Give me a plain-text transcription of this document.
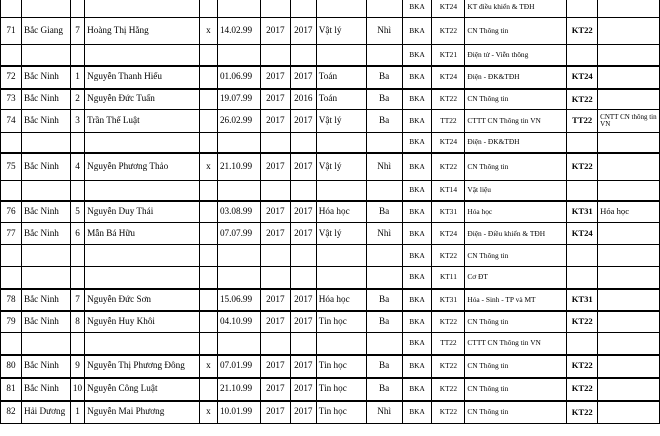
										BKA	KT24	KT điều khiển & TĐH		
71	Bắc Giang	7	Hoàng Thị Hằng	x	14.02.99	2017	2017	Vật lý	Nhì	BKA	KT22	CN Thông tin	KT22	
										BKA	KT21	Điện tử - Viễn thông		
72	Bắc Ninh	1	Nguyễn Thanh Hiếu		01.06.99	2017	2017	Toán	Ba	BKA	KT24	Điện - ĐK&TĐH	KT24	
73	Bắc Ninh	2	Nguyễn Đức Tuấn		19.07.99	2017	2016	Toán	Ba	BKA	KT22	CN Thông tin	KT22	
74	Bắc Ninh	3	Trần Thế Luật		26.02.99	2017	2017	Vật lý	Ba	BKA	TT22	CTTT CN Thông tin VN	TT22	CNTT CN thông tin VN
										BKA	KT24	Điện - ĐK&TĐH		
75	Bắc Ninh	4	Nguyễn Phương Thảo	x	21.10.99	2017	2017	Vật lý	Nhì	BKA	KT22	CN Thông tin	KT22	
										BKA	KT14	Vật liệu		
76	Bắc Ninh	5	Nguyễn Duy Thái		03.08.99	2017	2017	Hóa học	Ba	BKA	KT31	Hóa học	KT31	Hóa học
77	Bắc Ninh	6	Mẫn Bá Hữu		07.07.99	2017	2017	Vật lý	Nhì	BKA	KT24	Điện - Điều khiển & TĐH	KT24	
										BKA	KT22	CN Thông tin		
										BKA	KT11	Cơ ĐT		
78	Bắc Ninh	7	Nguyễn Đức Sơn		15.06.99	2017	2017	Hóa học	Ba	BKA	KT31	Hóa - Sinh - TP và MT	KT31	
79	Bắc Ninh	8	Nguyễn Huy Khôi		04.10.99	2017	2017	Tin học	Ba	BKA	KT22	CN Thông tin	KT22	
										BKA	TT22	CTTT CN Thông tin VN		
80	Bắc Ninh	9	Nguyễn Thị Phương Đông	x	07.01.99	2017	2017	Tin học	Ba	BKA	KT22	CN Thông tin	KT22	
81	Bắc Ninh	10	Nguyễn Công Luật		21.10.99	2017	2017	Tin học	Ba	BKA	KT22	CN Thông tin	KT22	
82	Hải Dương	1	Nguyễn Mai Phương	x	10.01.99	2017	2017	Tin học	Nhì	BKA	KT22	CN Thông tin	KT22	
